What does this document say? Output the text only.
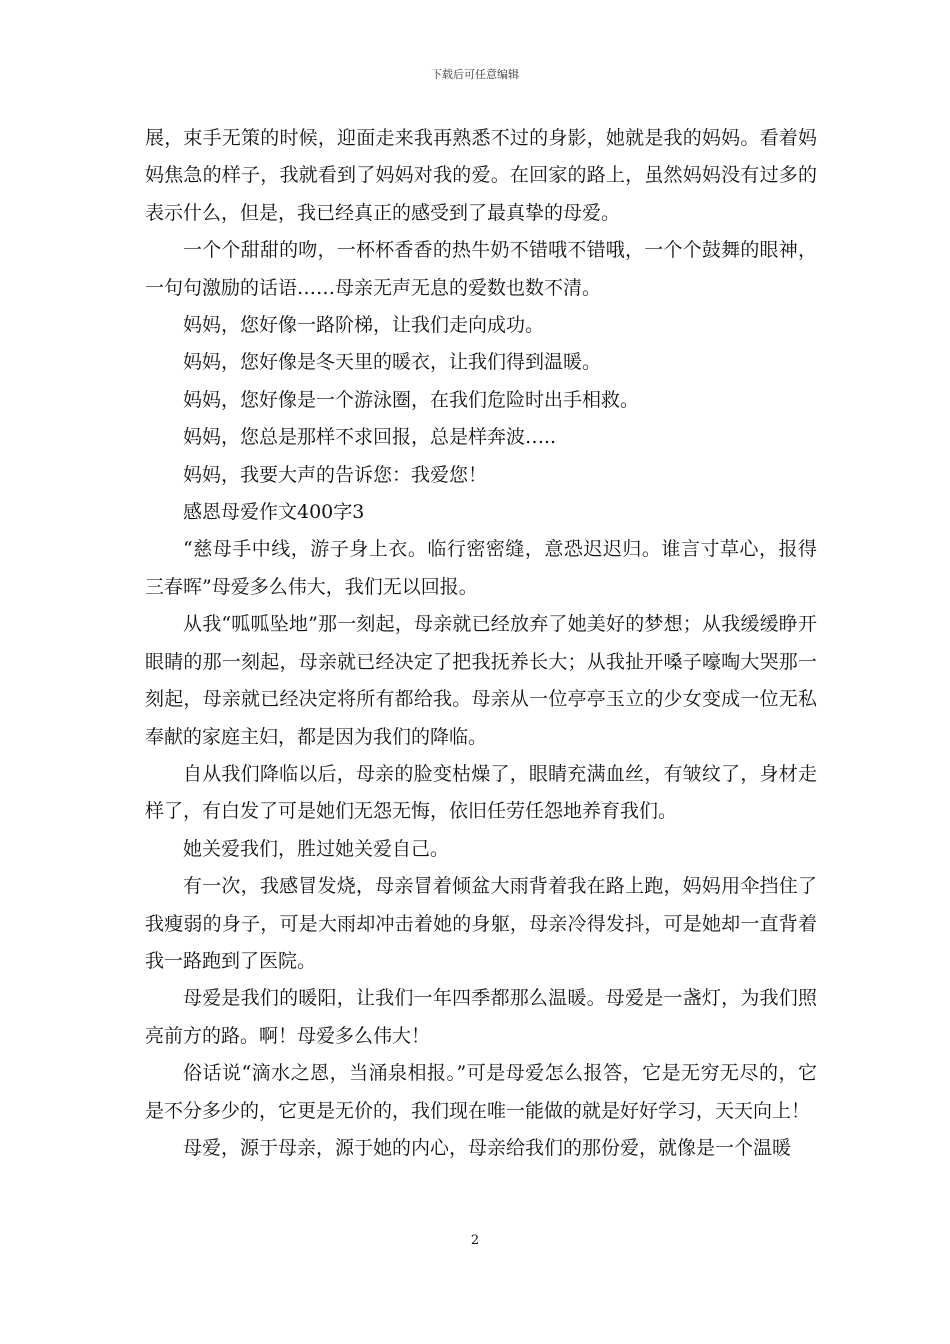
下载后可任意编辑

展，束手无策的时候，迎面走来我再熟悉不过的身影，她就是我的妈妈。看着妈妈焦急的样子，我就看到了妈妈对我的爱。在回家的路上，虽然妈妈没有过多的表示什么，但是，我已经真正的感受到了最真挚的母爱。

一个个甜甜的吻，一杯杯香香的热牛奶不错哦不错哦，一个个鼓舞的眼神，一句句激励的话语……母亲无声无息的爱数也数不清。

妈妈，您好像一路阶梯，让我们走向成功。

妈妈，您好像是冬天里的暖衣，让我们得到温暖。

妈妈，您好像是一个游泳圈，在我们危险时出手相救。

妈妈，您总是那样不求回报，总是样奔波…..

妈妈，我要大声的告诉您：我爱您！

感恩母爱作文400字3

“慈母手中线，游子身上衣。临行密密缝，意恐迟迟归。谁言寸草心，报得三春晖”母爱多么伟大，我们无以回报。

从我“呱呱坠地”那一刻起，母亲就已经放弃了她美好的梦想；从我缓缓睁开眼睛的那一刻起，母亲就已经决定了把我抚养长大；从我扯开嗓子嚎啕大哭那一刻起，母亲就已经决定将所有都给我。母亲从一位亭亭玉立的少女变成一位无私奉献的家庭主妇，都是因为我们的降临。

自从我们降临以后，母亲的脸变枯燥了，眼睛充满血丝，有皱纹了，身材走样了，有白发了可是她们无怨无悔，依旧任劳任怨地养育我们。

她关爱我们，胜过她关爱自己。

有一次，我感冒发烧，母亲冒着倾盆大雨背着我在路上跑，妈妈用伞挡住了我瘦弱的身子，可是大雨却冲击着她的身躯，母亲冷得发抖，可是她却一直背着我一路跑到了医院。

母爱是我们的暖阳，让我们一年四季都那么温暖。母爱是一盏灯，为我们照亮前方的路。啊！母爱多么伟大！

俗话说“滴水之恩，当涌泉相报。”可是母爱怎么报答，它是无穷无尽的，它是不分多少的，它更是无价的，我们现在唯一能做的就是好好学习，天天向上！

母爱，源于母亲，源于她的内心，母亲给我们的那份爱，就像是一个温暖

2
